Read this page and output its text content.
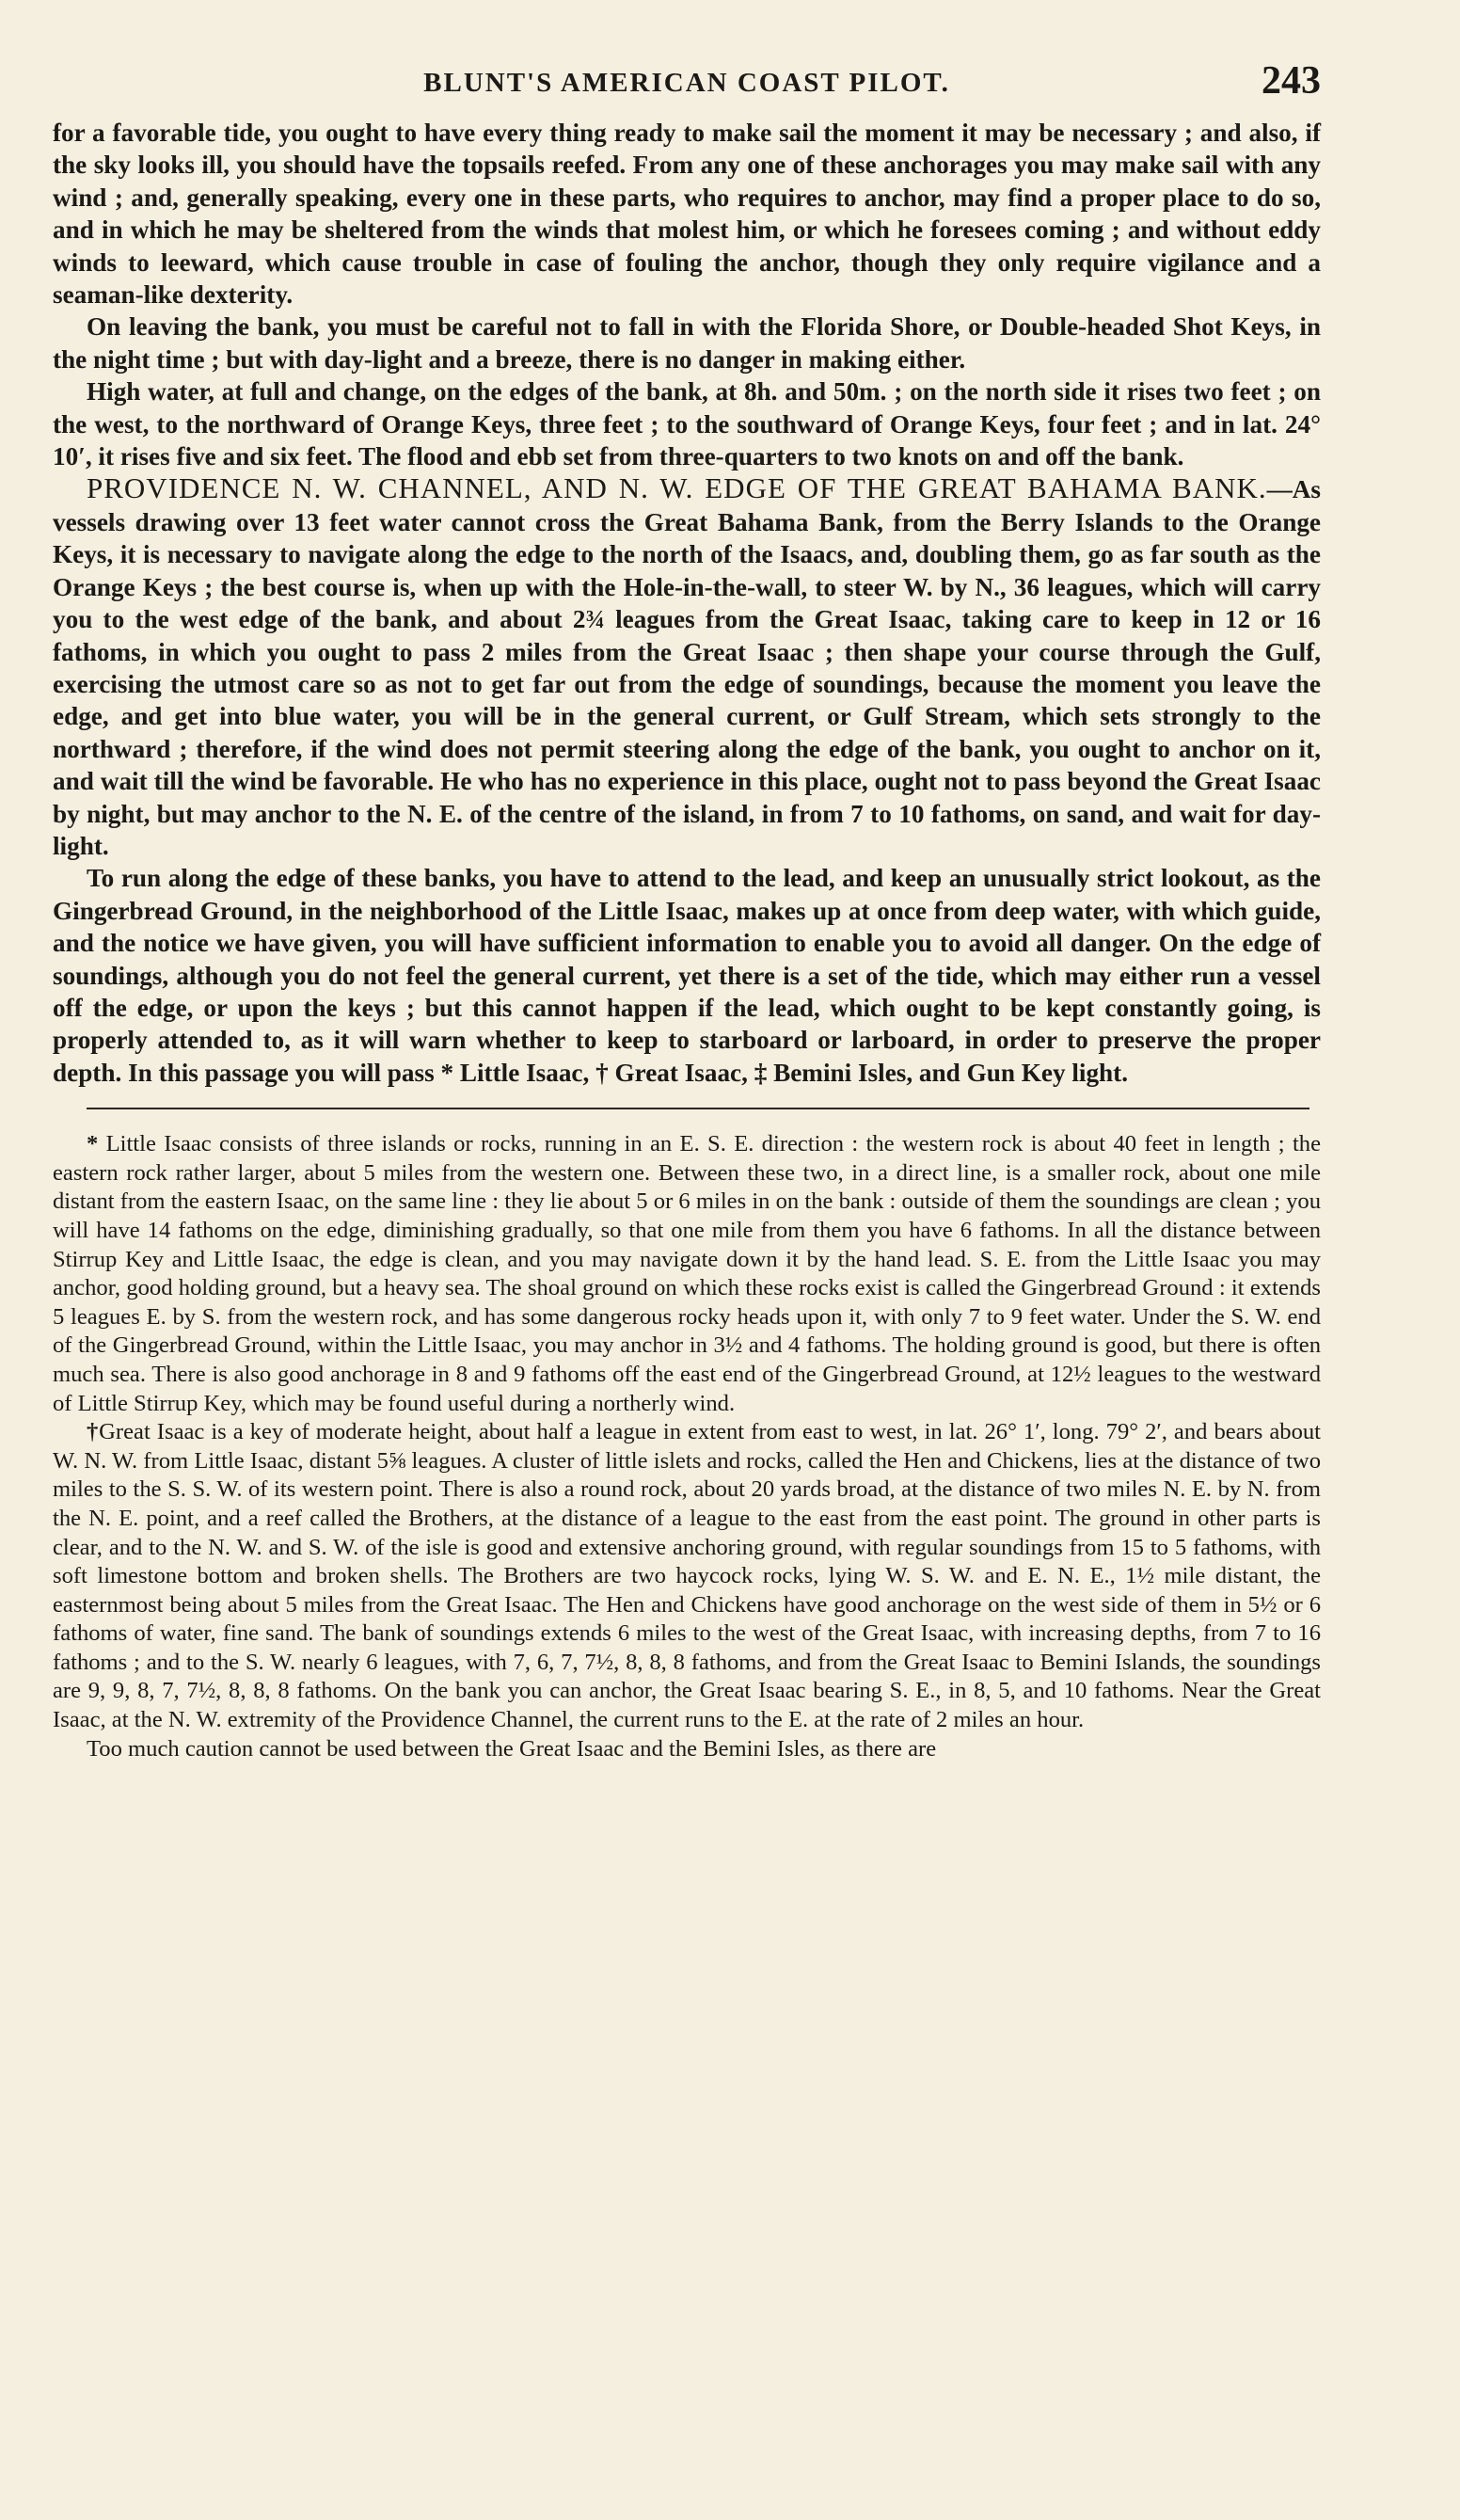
BLUNT'S AMERICAN COAST PILOT.	243

for a favorable tide, you ought to have every thing ready to make sail the moment it may be necessary ; and also, if the sky looks ill, you should have the topsails reefed. From any one of these anchorages you may make sail with any wind ; and, generally speaking, every one in these parts, who requires to anchor, may find a proper place to do so, and in which he may be sheltered from the winds that molest him, or which he foresees coming ; and without eddy winds to leeward, which cause trouble in case of fouling the anchor, though they only require vigilance and a seaman-like dexterity.

On leaving the bank, you must be careful not to fall in with the Florida Shore, or Double-headed Shot Keys, in the night time ; but with day-light and a breeze, there is no danger in making either.

High water, at full and change, on the edges of the bank, at 8h. and 50m. ; on the north side it rises two feet ; on the west, to the northward of Orange Keys, three feet ; to the southward of Orange Keys, four feet ; and in lat. 24° 10′, it rises five and six feet. The flood and ebb set from three-quarters to two knots on and off the bank.

PROVIDENCE N. W. CHANNEL, AND N. W. EDGE OF THE GREAT BAHAMA BANK.—As vessels drawing over 13 feet water cannot cross the Great Bahama Bank, from the Berry Islands to the Orange Keys, it is necessary to navigate along the edge to the north of the Isaacs, and, doubling them, go as far south as the Orange Keys ; the best course is, when up with the Hole-in-the-wall, to steer W. by N., 36 leagues, which will carry you to the west edge of the bank, and about 2¾ leagues from the Great Isaac, taking care to keep in 12 or 16 fathoms, in which you ought to pass 2 miles from the Great Isaac ; then shape your course through the Gulf, exercising the utmost care so as not to get far out from the edge of soundings, because the moment you leave the edge, and get into blue water, you will be in the general current, or Gulf Stream, which sets strongly to the northward ; therefore, if the wind does not permit steering along the edge of the bank, you ought to anchor on it, and wait till the wind be favorable. He who has no experience in this place, ought not to pass beyond the Great Isaac by night, but may anchor to the N. E. of the centre of the island, in from 7 to 10 fathoms, on sand, and wait for day-light.

To run along the edge of these banks, you have to attend to the lead, and keep an unusually strict lookout, as the Gingerbread Ground, in the neighborhood of the Little Isaac, makes up at once from deep water, with which guide, and the notice we have given, you will have sufficient information to enable you to avoid all danger. On the edge of soundings, although you do not feel the general current, yet there is a set of the tide, which may either run a vessel off the edge, or upon the keys ; but this cannot happen if the lead, which ought to be kept constantly going, is properly attended to, as it will warn whether to keep to starboard or larboard, in order to preserve the proper depth. In this passage you will pass * Little Isaac, † Great Isaac, ‡ Bemini Isles, and Gun Key light.

* Little Isaac consists of three islands or rocks, running in an E. S. E. direction : the western rock is about 40 feet in length ; the eastern rock rather larger, about 5 miles from the western one. Between these two, in a direct line, is a smaller rock, about one mile distant from the eastern Isaac, on the same line : they lie about 5 or 6 miles in on the bank : outside of them the soundings are clean ; you will have 14 fathoms on the edge, diminishing gradually, so that one mile from them you have 6 fathoms. In all the distance between Stirrup Key and Little Isaac, the edge is clean, and you may navigate down it by the hand lead. S. E. from the Little Isaac you may anchor, good holding ground, but a heavy sea. The shoal ground on which these rocks exist is called the Gingerbread Ground : it extends 5 leagues E. by S. from the western rock, and has some dangerous rocky heads upon it, with only 7 to 9 feet water. Under the S. W. end of the Gingerbread Ground, within the Little Isaac, you may anchor in 3½ and 4 fathoms. The holding ground is good, but there is often much sea. There is also good anchorage in 8 and 9 fathoms off the east end of the Gingerbread Ground, at 12½ leagues to the westward of Little Stirrup Key, which may be found useful during a northerly wind.

†Great Isaac is a key of moderate height, about half a league in extent from east to west, in lat. 26° 1′, long. 79° 2′, and bears about W. N. W. from Little Isaac, distant 5⅝ leagues. A cluster of little islets and rocks, called the Hen and Chickens, lies at the distance of two miles to the S. S. W. of its western point. There is also a round rock, about 20 yards broad, at the distance of two miles N. E. by N. from the N. E. point, and a reef called the Brothers, at the distance of a league to the east from the east point. The ground in other parts is clear, and to the N. W. and S. W. of the isle is good and extensive anchoring ground, with regular soundings from 15 to 5 fathoms, with soft limestone bottom and broken shells. The Brothers are two haycock rocks, lying W. S. W. and E. N. E., 1½ mile distant, the easternmost being about 5 miles from the Great Isaac. The Hen and Chickens have good anchorage on the west side of them in 5½ or 6 fathoms of water, fine sand. The bank of soundings extends 6 miles to the west of the Great Isaac, with increasing depths, from 7 to 16 fathoms ; and to the S. W. nearly 6 leagues, with 7, 6, 7, 7½, 8, 8, 8 fathoms, and from the Great Isaac to Bemini Islands, the soundings are 9, 9, 8, 7, 7½, 8, 8, 8 fathoms. On the bank you can anchor, the Great Isaac bearing S. E., in 8, 5, and 10 fathoms. Near the Great Isaac, at the N. W. extremity of the Providence Channel, the current runs to the E. at the rate of 2 miles an hour.

Too much caution cannot be used between the Great Isaac and the Bemini Isles, as there are
